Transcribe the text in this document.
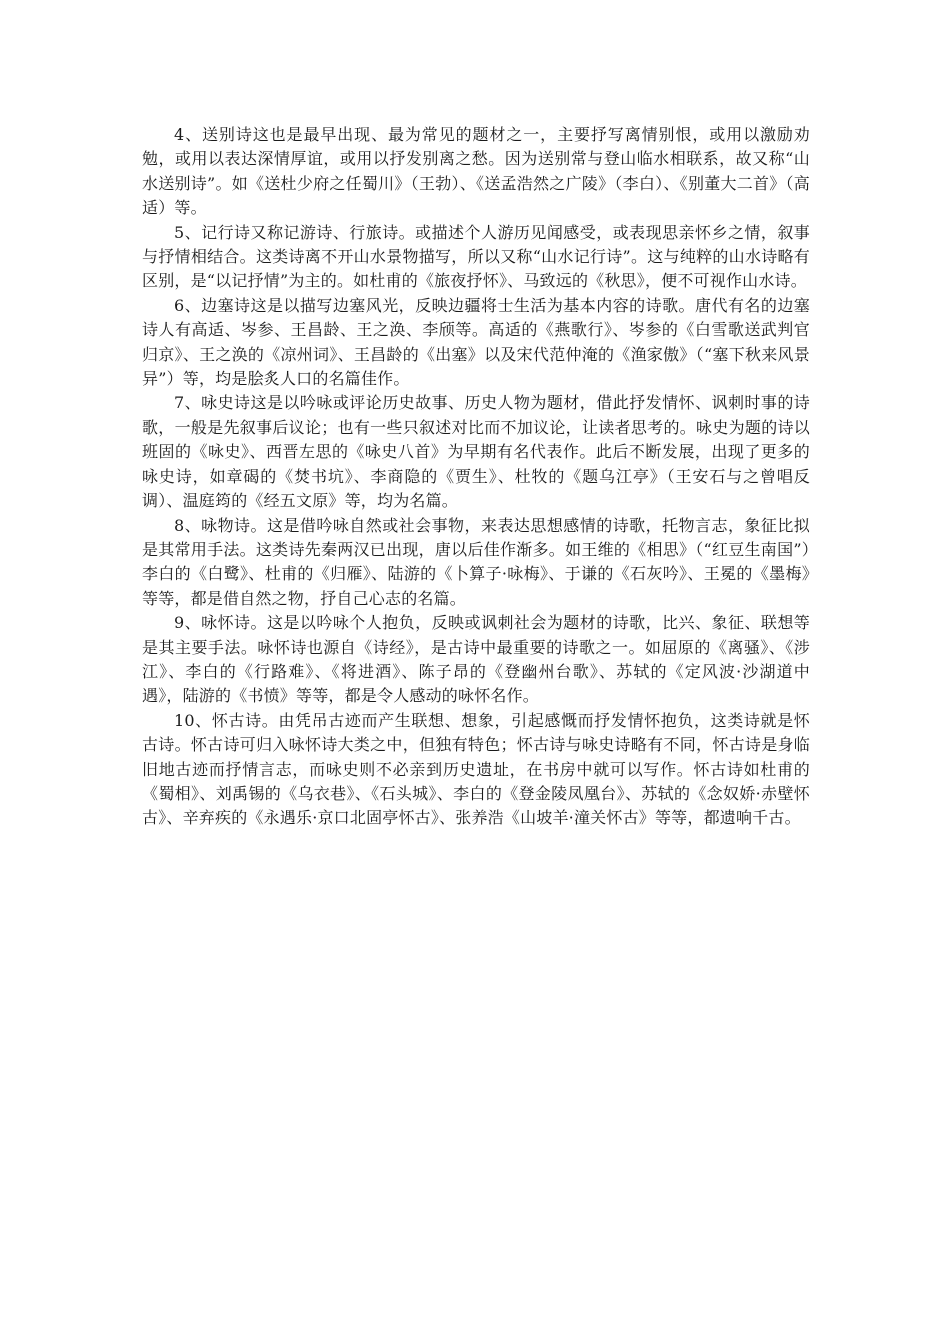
4、送别诗这也是最早出现、最为常见的题材之一，主要抒写离情别恨，或用以激励劝勉，或用以表达深情厚谊，或用以抒发别离之愁。因为送别常与登山临水相联系，故又称“山水送别诗”。如《送杜少府之任蜀川》（王勃）、《送孟浩然之广陵》（李白）、《别董大二首》（高适）等。

5、记行诗又称记游诗、行旅诗。或描述个人游历见闻感受，或表现思亲怀乡之情，叙事与抒情相结合。这类诗离不开山水景物描写，所以又称“山水记行诗”。这与纯粹的山水诗略有区别，是“以记抒情”为主的。如杜甫的《旅夜抒怀》、马致远的《秋思》，便不可视作山水诗。

6、边塞诗这是以描写边塞风光，反映边疆将士生活为基本内容的诗歌。唐代有名的边塞诗人有高适、岑参、王昌龄、王之涣、李颀等。高适的《燕歌行》、岑参的《白雪歌送武判官归京》、王之涣的《凉州词》、王昌龄的《出塞》以及宋代范仲淹的《渔家傲》（“塞下秋来风景异”）等，均是脍炙人口的名篇佳作。

7、咏史诗这是以吟咏或评论历史故事、历史人物为题材，借此抒发情怀、讽刺时事的诗歌，一般是先叙事后议论；也有一些只叙述对比而不加议论，让读者思考的。咏史为题的诗以班固的《咏史》、西晋左思的《咏史八首》为早期有名代表作。此后不断发展，出现了更多的咏史诗，如章碣的《焚书坑》、李商隐的《贾生》、杜牧的《题乌江亭》（王安石与之曾唱反调）、温庭筠的《经五文原》等，均为名篇。

8、咏物诗。这是借吟咏自然或社会事物，来表达思想感情的诗歌，托物言志，象征比拟是其常用手法。这类诗先秦两汉已出现，唐以后佳作渐多。如王维的《相思》（“红豆生南国”）李白的《白鹭》、杜甫的《归雁》、陆游的《卜算子·咏梅》、于谦的《石灰吟》、王冕的《墨梅》等等，都是借自然之物，抒自己心志的名篇。

9、咏怀诗。这是以吟咏个人抱负，反映或讽刺社会为题材的诗歌，比兴、象征、联想等是其主要手法。咏怀诗也源自《诗经》，是古诗中最重要的诗歌之一。如屈原的《离骚》、《涉江》、李白的《行路难》、《将进酒》、陈子昂的《登幽州台歌》、苏轼的《定风波·沙湖道中遇》，陆游的《书愤》等等，都是令人感动的咏怀名作。

10、怀古诗。由凭吊古迹而产生联想、想象，引起感慨而抒发情怀抱负，这类诗就是怀古诗。怀古诗可归入咏怀诗大类之中，但独有特色；怀古诗与咏史诗略有不同，怀古诗是身临旧地古迹而抒情言志，而咏史则不必亲到历史遗址，在书房中就可以写作。怀古诗如杜甫的《蜀相》、刘禹锡的《乌衣巷》、《石头城》、李白的《登金陵凤凰台》、苏轼的《念奴娇·赤壁怀古》、辛弃疾的《永遇乐·京口北固亭怀古》、张养浩《山坡羊·潼关怀古》等等，都遗响千古。
